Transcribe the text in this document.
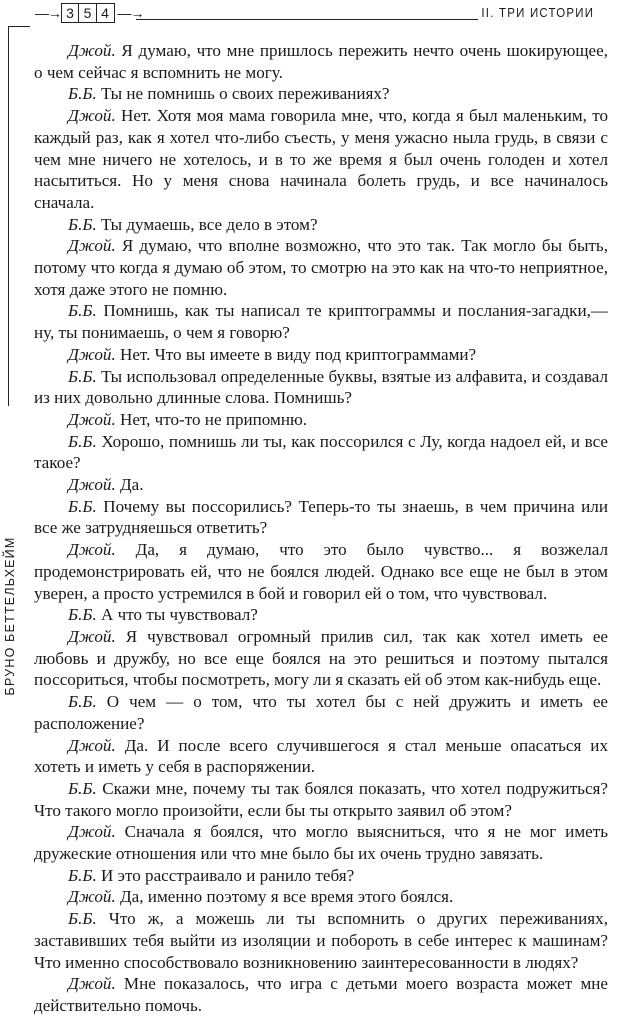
—→ 3 5 4 —→	II. ТРИ ИСТОРИИ
БРУНО БЕТТЕЛЬХЕЙМ

Джой. Я думаю, что мне пришлось пережить нечто очень шокирующее, о чем сейчас я вспомнить не могу.

Б.Б. Ты не помнишь о своих переживаниях?

Джой. Нет. Хотя моя мама говорила мне, что, когда я был маленьким, то каждый раз, как я хотел что-либо съесть, у меня ужасно ныла грудь, в связи с чем мне ничего не хотелось, и в то же время я был очень голоден и хотел насытиться. Но у меня снова начинала болеть грудь, и все начиналось сначала.

Б.Б. Ты думаешь, все дело в этом?

Джой. Я думаю, что вполне возможно, что это так. Так могло бы быть, потому что когда я думаю об этом, то смотрю на это как на что-то неприятное, хотя даже этого не помню.

Б.Б. Помнишь, как ты написал те криптограммы и послания-загадки,— ну, ты понимаешь, о чем я говорю?

Джой. Нет. Что вы имеете в виду под криптограммами?

Б.Б. Ты использовал определенные буквы, взятые из алфавита, и создавал из них довольно длинные слова. Помнишь?

Джой. Нет, что-то не припомню.

Б.Б. Хорошо, помнишь ли ты, как поссорился с Лу, когда надоел ей, и все такое?

Джой. Да.

Б.Б. Почему вы поссорились? Теперь-то ты знаешь, в чем причина или все же затрудняешься ответить?

Джой. Да, я думаю, что это было чувство... я возжелал продемонстрировать ей, что не боялся людей. Однако все еще не был в этом уверен, а просто устремился в бой и говорил ей о том, что чувствовал.

Б.Б. А что ты чувствовал?

Джой. Я чувствовал огромный прилив сил, так как хотел иметь ее любовь и дружбу, но все еще боялся на это решиться и поэтому пытался поссориться, чтобы посмотреть, могу ли я сказать ей об этом как-нибудь еще.

Б.Б. О чем — о том, что ты хотел бы с ней дружить и иметь ее расположение?

Джой. Да. И после всего случившегося я стал меньше опасаться их хотеть и иметь у себя в распоряжении.

Б.Б. Скажи мне, почему ты так боялся показать, что хотел подружиться? Что такого могло произойти, если бы ты открыто заявил об этом?

Джой. Сначала я боялся, что могло выясниться, что я не мог иметь дружеские отношения или что мне было бы их очень трудно завязать.

Б.Б. И это расстраивало и ранило тебя?

Джой. Да, именно поэтому я все время этого боялся.

Б.Б. Что ж, а можешь ли ты вспомнить о других переживаниях, заставивших тебя выйти из изоляции и побороть в себе интерес к машинам? Что именно способствовало возникновению заинтересованности в людях?

Джой. Мне показалось, что игра с детьми моего возраста может мне действительно помочь.
